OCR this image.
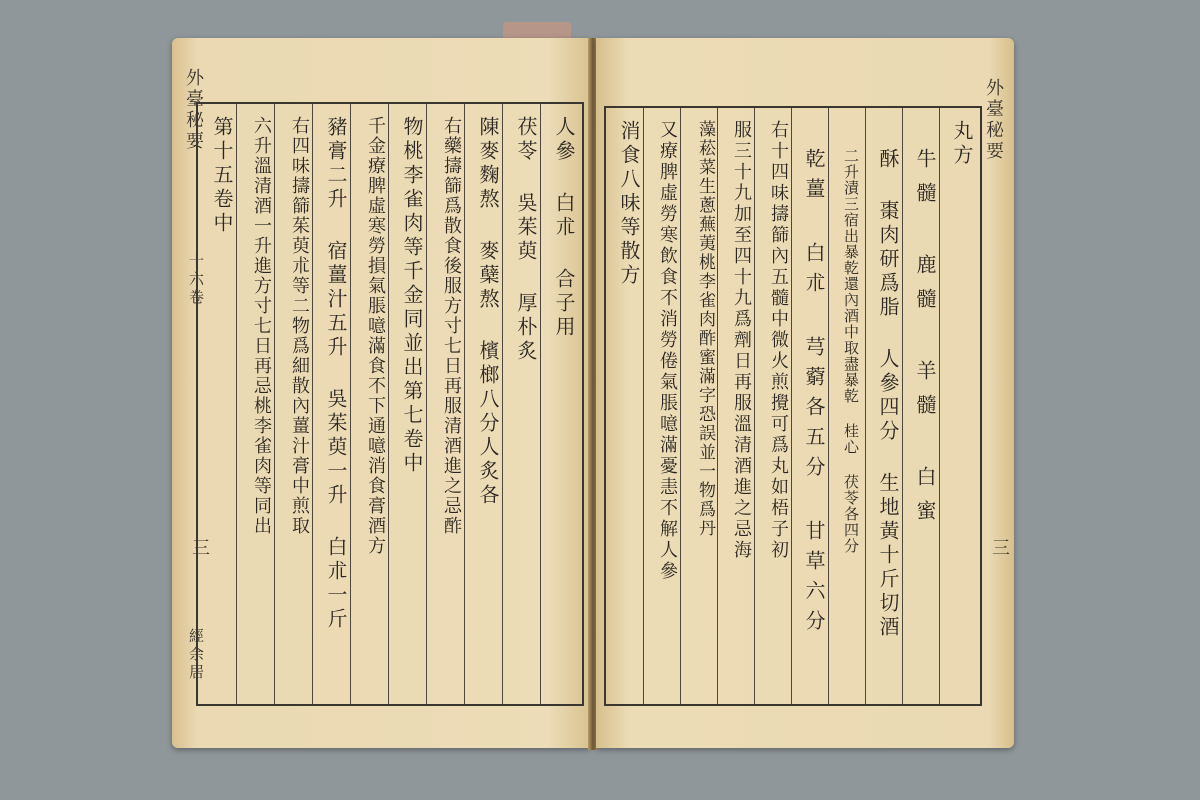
外臺秘要
十六卷
三
經余居
人參 白朮 合子用
茯苓 吳茱萸 厚朴炙
陳麥麴熬 麥蘖熬 檳榔八分人炙各
右藥擣篩爲散食後服方寸七日再服清酒進之忌酢
物桃李雀肉等千金同並出第七卷中
千金療脾虛寒勞損氣脹噫滿食不下通噫消食膏酒方
豬膏二升 宿薑汁五升 吳茱萸一升 白朮一斤
右四味擣篩茱萸朮等二物爲細散內薑汁膏中煎取
六升溫清酒一升進方寸七日再忌桃李雀肉等同出
第十五卷中	丸方
牛髓 鹿髓 羊髓 白蜜
酥 棗肉研爲脂 人參四分 生地黃十斤切酒
二升漬三宿出暴乾還內酒中取盡暴乾 桂心 茯苓各四分
乾薑 白朮 芎藭各五分 甘草六分
右十四味擣篩內五髓中微火煎攪可爲丸如梧子初
服三十九加至四十九爲劑日再服溫清酒進之忌海
藻菘菜生蔥蕪荑桃李雀肉酢蜜滿字恐誤並一物爲丹
又療脾虛勞寒飲食不消勞倦氣脹噫滿憂恚不解人參
消食八味等散方	外臺秘要
三
